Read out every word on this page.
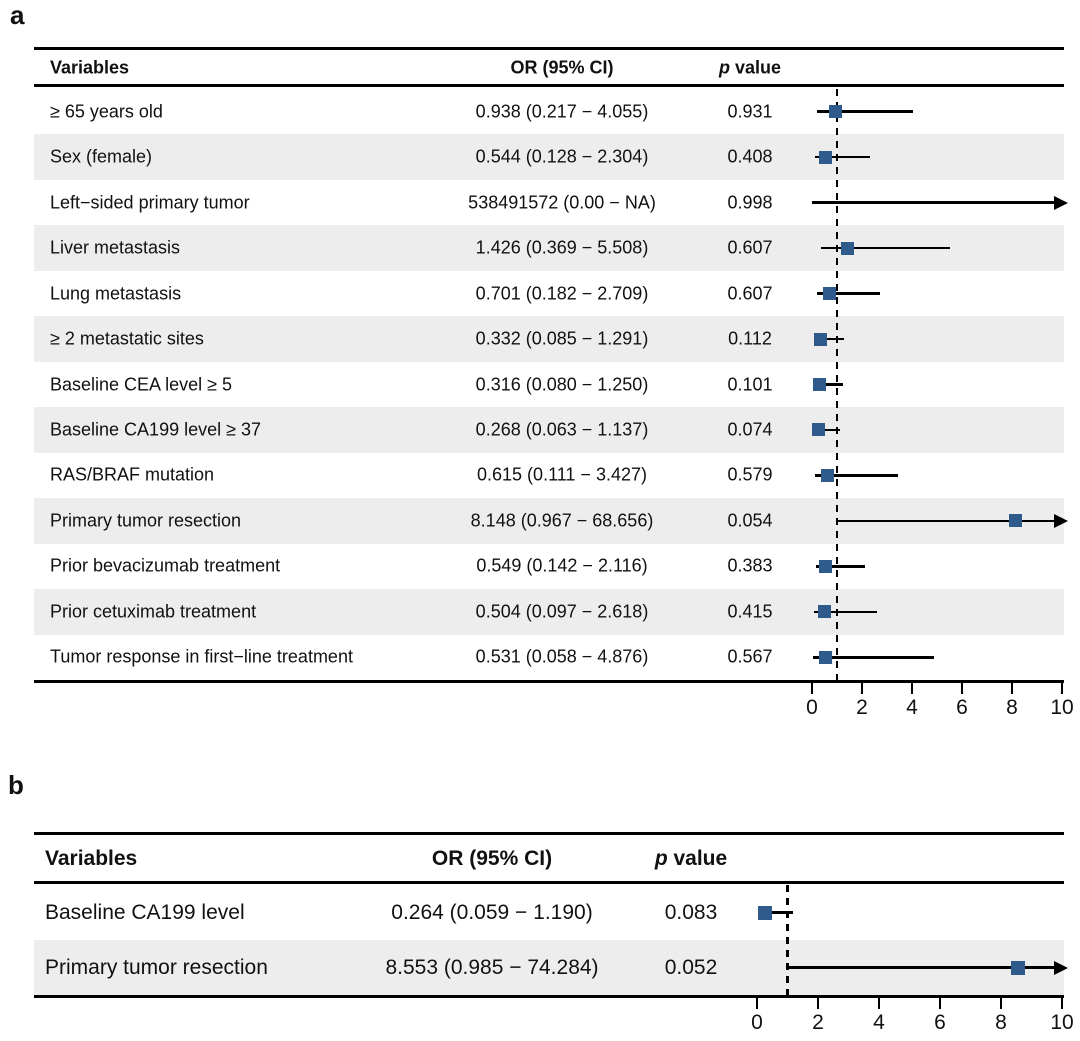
a
Variables	OR (95% CI)	p value
≥ 65 years old	0.938 (0.217 − 4.055)	0.931
Sex (female)	0.544 (0.128 − 2.304)	0.408
Left−sided primary tumor	538491572 (0.00 − NA)	0.998
Liver metastasis	1.426 (0.369 − 5.508)	0.607
Lung metastasis	0.701 (0.182 − 2.709)	0.607
≥ 2 metastatic sites	0.332 (0.085 − 1.291)	0.112
Baseline CEA level ≥ 5	0.316 (0.080 − 1.250)	0.101
Baseline CA199 level ≥ 37	0.268 (0.063 − 1.137)	0.074
RAS/BRAF mutation	0.615 (0.111 − 3.427)	0.579
Primary tumor resection	8.148 (0.967 − 68.656)	0.054
Prior bevacizumab treatment	0.549 (0.142 − 2.116)	0.383
Prior cetuximab treatment	0.504 (0.097 − 2.618)	0.415
Tumor response in first−line treatment	0.531 (0.058 − 4.876)	0.567
0 2 4 6 8 10
b
Variables	OR (95% CI)	p value
Baseline CA199 level	0.264 (0.059 − 1.190)	0.083
Primary tumor resection	8.553 (0.985 − 74.284)	0.052
0 2 4 6 8 10
